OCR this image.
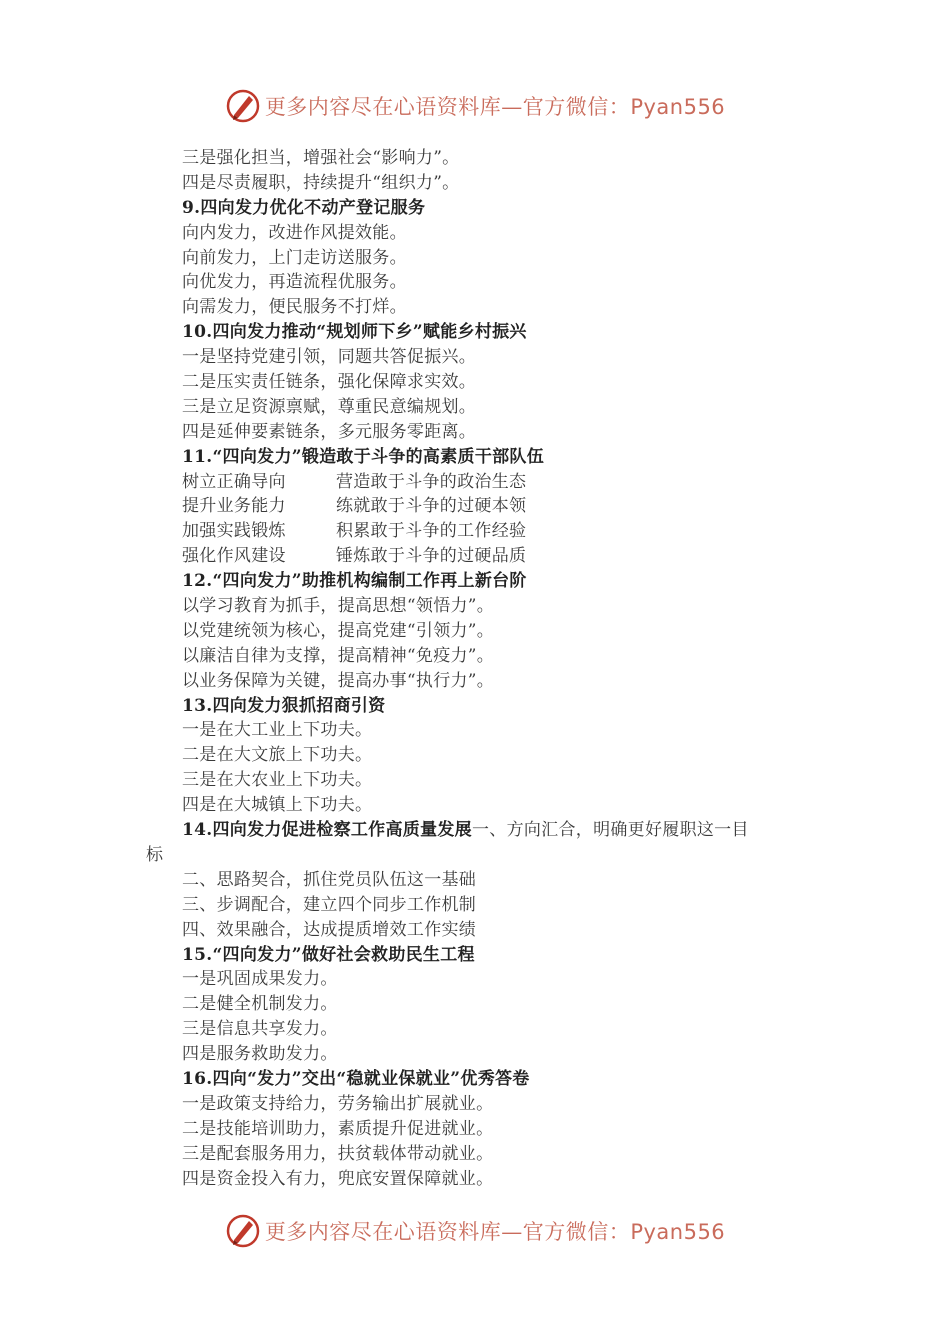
更多内容尽在心语资料库—官方微信：Pyan556
三是强化担当，增强社会“影响力”。
四是尽责履职，持续提升“组织力”。
9.四向发力优化不动产登记服务
向内发力，改进作风提效能。
向前发力，上门走访送服务。
向优发力，再造流程优服务。
向需发力，便民服务不打烊。
10.四向发力推动“规划师下乡”赋能乡村振兴
一是坚持党建引领，同题共答促振兴。
二是压实责任链条，强化保障求实效。
三是立足资源禀赋，尊重民意编规划。
四是延伸要素链条，多元服务零距离。
11.“四向发力”锻造敢于斗争的高素质干部队伍
树立正确导向	营造敢于斗争的政治生态
提升业务能力	练就敢于斗争的过硬本领
加强实践锻炼	积累敢于斗争的工作经验
强化作风建设	锤炼敢于斗争的过硬品质
12.“四向发力”助推机构编制工作再上新台阶
以学习教育为抓手，提高思想“领悟力”。
以党建统领为核心，提高党建“引领力”。
以廉洁自律为支撑，提高精神“免疫力”。
以业务保障为关键，提高办事“执行力”。
13.四向发力狠抓招商引资
一是在大工业上下功夫。
二是在大文旅上下功夫。
三是在大农业上下功夫。
四是在大城镇上下功夫。
14.四向发力促进检察工作高质量发展一、方向汇合，明确更好履职这一目
标
二、思路契合，抓住党员队伍这一基础
三、步调配合，建立四个同步工作机制
四、效果融合，达成提质增效工作实绩
15.“四向发力”做好社会救助民生工程
一是巩固成果发力。
二是健全机制发力。
三是信息共享发力。
四是服务救助发力。
16.四向“发力”交出“稳就业保就业”优秀答卷
一是政策支持给力，劳务输出扩展就业。
二是技能培训助力，素质提升促进就业。
三是配套服务用力，扶贫载体带动就业。
四是资金投入有力，兜底安置保障就业。
更多内容尽在心语资料库—官方微信：Pyan556
